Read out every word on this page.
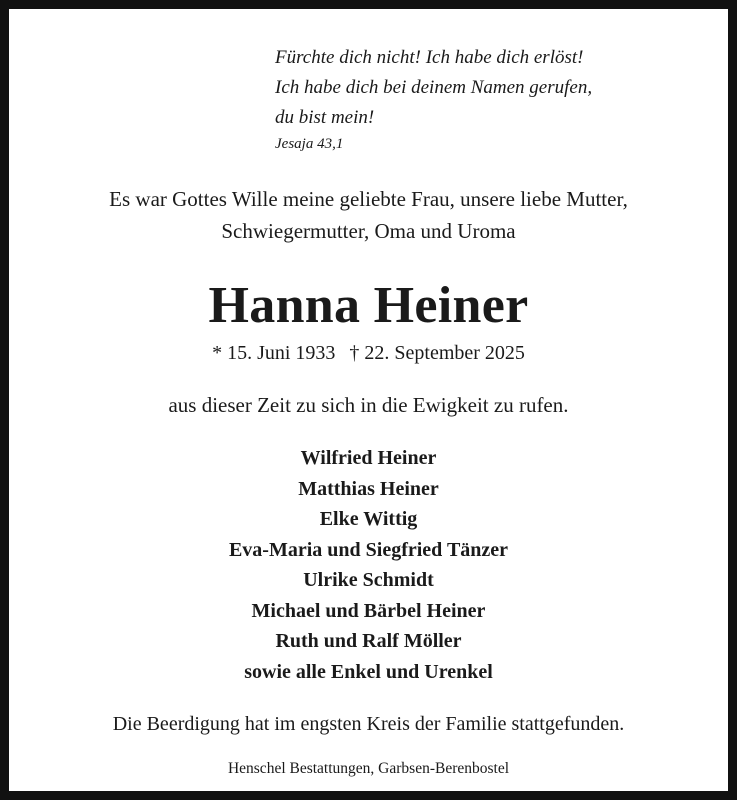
Fürchte dich nicht! Ich habe dich erlöst!
Ich habe dich bei deinem Namen gerufen,
du bist mein!
Jesaja 43,1
Es war Gottes Wille meine geliebte Frau, unsere liebe Mutter,
Schwiegermutter, Oma und Uroma
Hanna Heiner
* 15. Juni 1933 † 22. September 2025
aus dieser Zeit zu sich in die Ewigkeit zu rufen.
Wilfried Heiner
Matthias Heiner
Elke Wittig
Eva-Maria und Siegfried Tänzer
Ulrike Schmidt
Michael und Bärbel Heiner
Ruth und Ralf Möller
sowie alle Enkel und Urenkel
Die Beerdigung hat im engsten Kreis der Familie stattgefunden.
Henschel Bestattungen, Garbsen-Berenbostel
